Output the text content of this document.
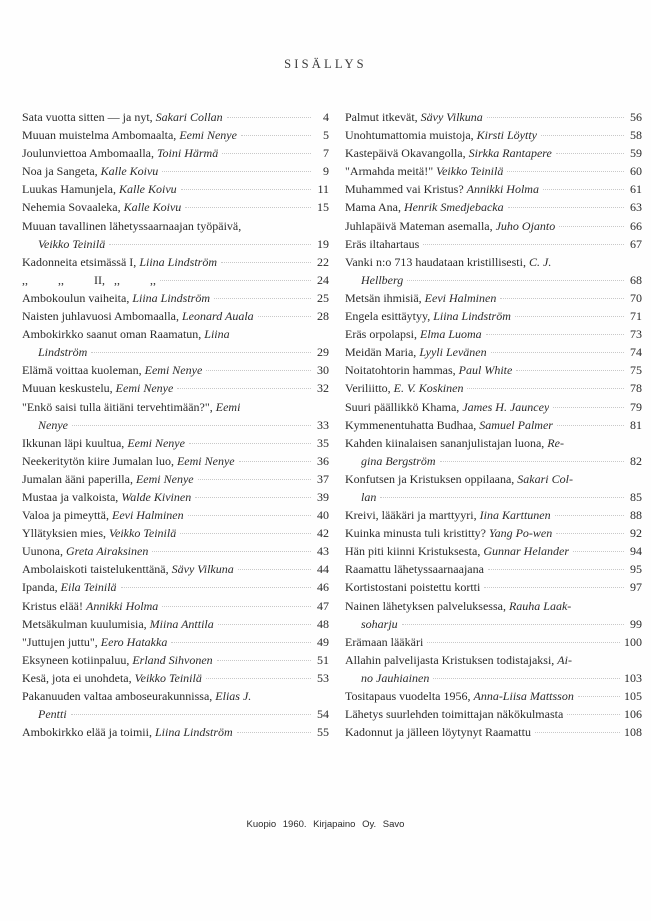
SISÄLLYS
Sata vuotta sitten — ja nyt, Sakari Collan	4
Muuan muistelma Ambomaalta, Eemi Nenye	5
Joulunviettoa Ambomaalla, Toini Härmä	7
Noa ja Sangeta, Kalle Koivu	9
Luukas Hamunjela, Kalle Koivu	11
Nehemia Sovaaleka, Kalle Koivu	15
Muuan tavallinen lähetyssaarnaajan työpäivä,
Veikko Teinilä	19
Kadonneita etsimässä I, Liina Lindström	22
,,          ,,          II,   ,,          ,,	24
Ambokoulun vaiheita, Liina Lindström	25
Naisten juhlavuosi Ambomaalla, Leonard Auala	28
Ambokirkko saanut oman Raamatun, Liina
Lindström	29
Elämä voittaa kuoleman, Eemi Nenye	30
Muuan keskustelu, Eemi Nenye	32
"Enkö saisi tulla äitiäni tervehtimään?", Eemi
Nenye	33
Ikkunan läpi kuultua, Eemi Nenye	35
Neekeritytön kiire Jumalan luo, Eemi Nenye	36
Jumalan ääni paperilla, Eemi Nenye	37
Mustaa ja valkoista, Walde Kivinen	39
Valoa ja pimeyttä, Eevi Halminen	40
Yllätyksien mies, Veikko Teinilä	42
Uunona, Greta Airaksinen	43
Ambolaiskoti taistelukenttänä, Sävy Vilkuna	44
Ipanda, Eila Teinilä	46
Kristus elää! Annikki Holma	47
Metsäkulman kuulumisia, Miina Anttila	48
"Juttujen juttu", Eero Hatakka	49
Eksyneen kotiinpaluu, Erland Sihvonen	51
Kesä, jota ei unohdeta, Veikko Teinilä	53
Pakanuuden valtaa amboseurakunnissa, Elias J.
Pentti	54
Ambokirkko elää ja toimii, Liina Lindström	55
Palmut itkevät, Sävy Vilkuna	56
Unohtumattomia muistoja, Kirsti Löytty	58
Kastepäivä Okavangolla, Sirkka Rantapere	59
"Armahda meitä!" Veikko Teinilä	60
Muhammed vai Kristus? Annikki Holma	61
Mama Ana, Henrik Smedjebacka	63
Juhlapäivä Mateman asemalla, Juho Ojanto	66
Eräs iltahartaus	67
Vanki n:o 713 haudataan kristillisesti, C. J.
Hellberg	68
Metsän ihmisiä, Eevi Halminen	70
Engela esittäytyy, Liina Lindström	71
Eräs orpolapsi, Elma Luoma	73
Meidän Maria, Lyyli Levänen	74
Noitatohtorin hammas, Paul White	75
Veriliitto, E. V. Koskinen	78
Suuri päällikkö Khama, James H. Jauncey	79
Kymmenentuhatta Budhaa, Samuel Palmer	81
Kahden kiinalaisen sananjulistajan luona, Re-
gina Bergström	82
Konfutsen ja Kristuksen oppilaana, Sakari Col-
lan	85
Kreivi, lääkäri ja marttyyri, Iina Karttunen	88
Kuinka minusta tuli kristitty? Yang Po-wen	92
Hän piti kiinni Kristuksesta, Gunnar Helander	94
Raamattu lähetyssaarnaajana	95
Kortistostani poistettu kortti	97
Nainen lähetyksen palveluksessa, Rauha Laak-
soharju	99
Erämaan lääkäri	100
Allahin palvelijasta Kristuksen todistajaksi, Ai-
no Jauhiainen	103
Tositapaus vuodelta 1956, Anna-Liisa Mattsson	105
Lähetys suurlehden toimittajan näkökulmasta	106
Kadonnut ja jälleen löytynyt Raamattu	108
Kuopio 1960. Kirjapaino Oy. Savo
